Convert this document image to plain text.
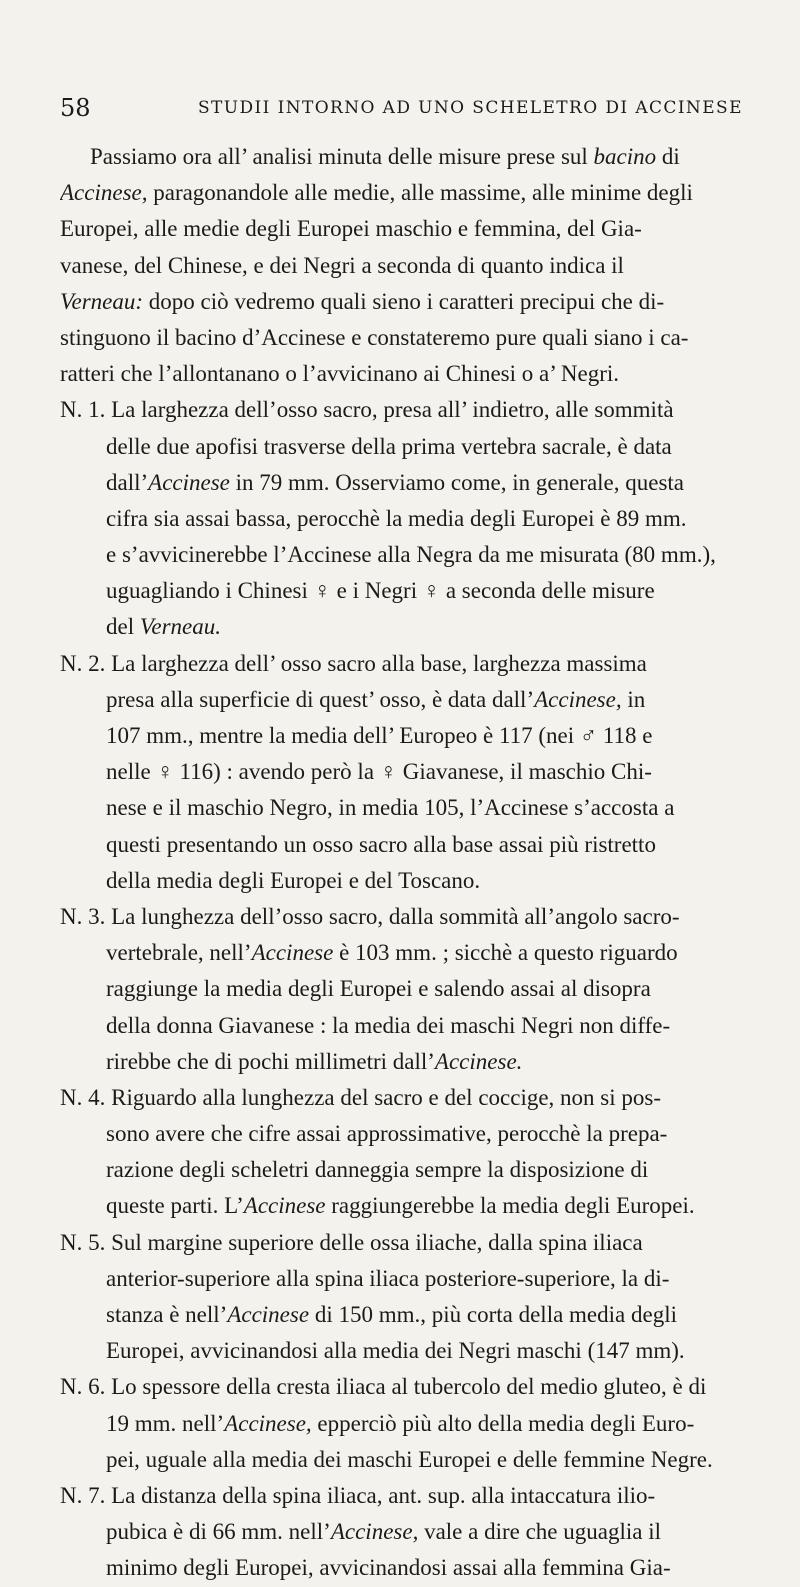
58	STUDII INTORNO AD UNO SCHELETRO DI ACCINESE
Passiamo ora all’ analisi minuta delle misure prese sul bacino di
Accinese, paragonandole alle medie, alle massime, alle minime degli
Europei, alle medie degli Europei maschio e femmina, del Gia-
vanese, del Chinese, e dei Negri a seconda di quanto indica il
Verneau: dopo ciò vedremo quali sieno i caratteri precipui che di-
stinguono il bacino d’Accinese e constateremo pure quali siano i ca-
ratteri che l’allontanano o l’avvicinano ai Chinesi o a’ Negri.
N. 1. La larghezza dell’osso sacro, presa all’ indietro, alle sommità
delle due apofisi trasverse della prima vertebra sacrale, è data
dall’Accinese in 79 mm. Osserviamo come, in generale, questa
cifra sia assai bassa, perocchè la media degli Europei è 89 mm.
e s’avvicinerebbe l’Accinese alla Negra da me misurata (80 mm.),
uguagliando i Chinesi ♀ e i Negri ♀ a seconda delle misure
del Verneau.
N. 2. La larghezza dell’ osso sacro alla base, larghezza massima
presa alla superficie di quest’ osso, è data dall’Accinese, in
107 mm., mentre la media dell’ Europeo è 117 (nei ♂ 118 e
nelle ♀ 116) : avendo però la ♀ Giavanese, il maschio Chi-
nese e il maschio Negro, in media 105, l’Accinese s’accosta a
questi presentando un osso sacro alla base assai più ristretto
della media degli Europei e del Toscano.
N. 3. La lunghezza dell’osso sacro, dalla sommità all’angolo sacro-
vertebrale, nell’Accinese è 103 mm. ; sicchè a questo riguardo
raggiunge la media degli Europei e salendo assai al disopra
della donna Giavanese : la media dei maschi Negri non diffe-
rirebbe che di pochi millimetri dall’Accinese.
N. 4. Riguardo alla lunghezza del sacro e del coccige, non si pos-
sono avere che cifre assai approssimative, perocchè la prepa-
razione degli scheletri danneggia sempre la disposizione di
queste parti. L’Accinese raggiungerebbe la media degli Europei.
N. 5. Sul margine superiore delle ossa iliache, dalla spina iliaca
anterior-superiore alla spina iliaca posteriore-superiore, la di-
stanza è nell’Accinese di 150 mm., più corta della media degli
Europei, avvicinandosi alla media dei Negri maschi (147 mm).
N. 6. Lo spessore della cresta iliaca al tubercolo del medio gluteo, è di
19 mm. nell’Accinese, epperciò più alto della media degli Euro-
pei, uguale alla media dei maschi Europei e delle femmine Negre.
N. 7. La distanza della spina iliaca, ant. sup. alla intaccatura ilio-
pubica è di 66 mm. nell’Accinese, vale a dire che uguaglia il
minimo degli Europei, avvicinandosi assai alla femmina Gia-
